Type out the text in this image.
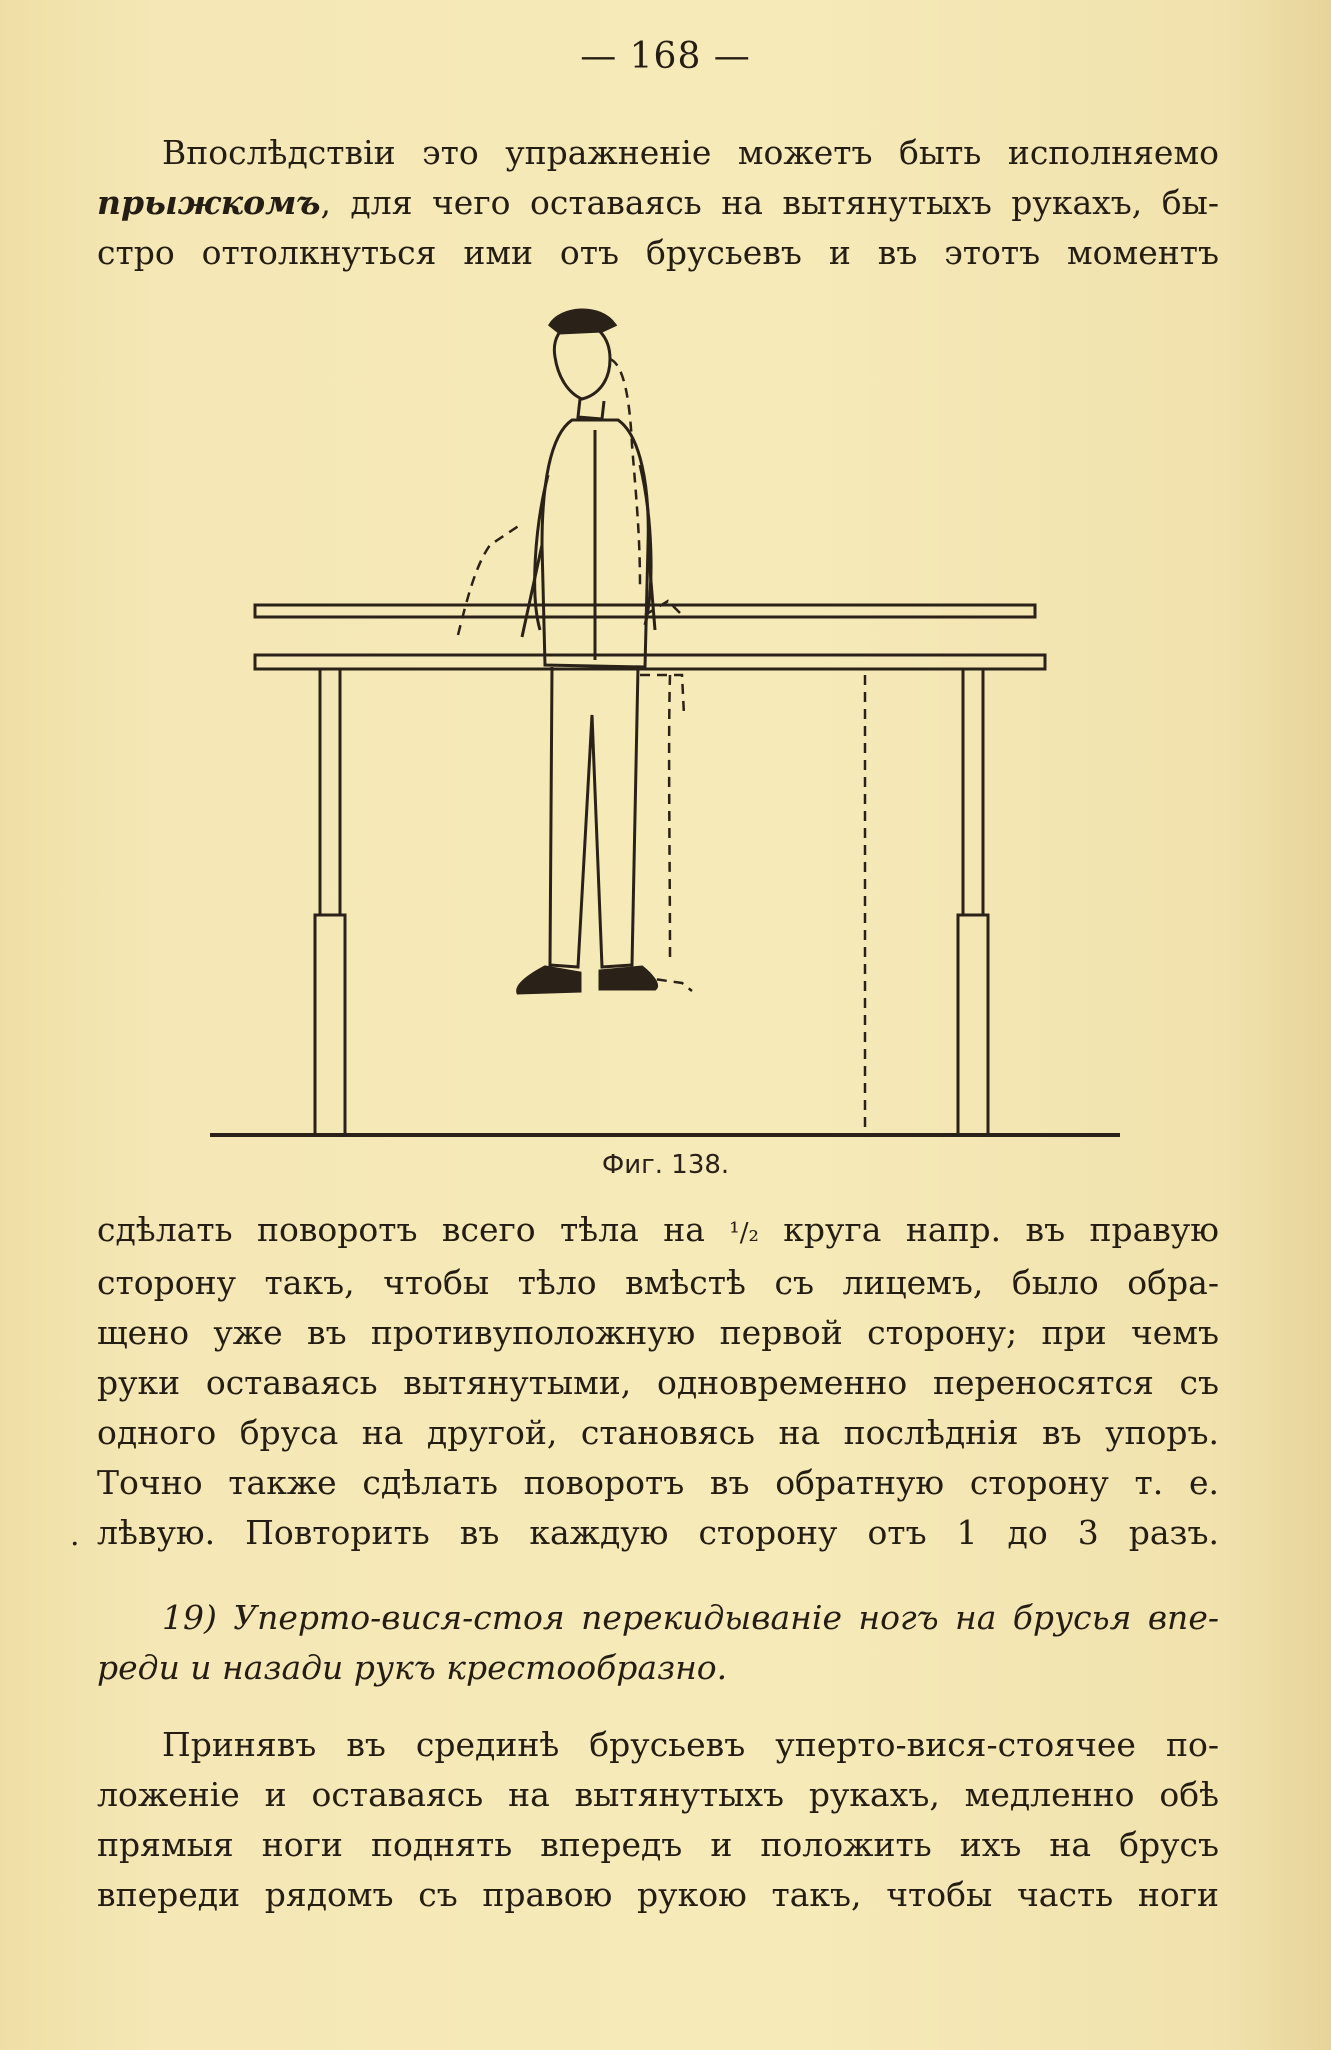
— 168 —
Впослѣдствіи это упражненіе можетъ быть исполняемо
прыжкомъ, для чего оставаясь на вытянутыхъ рукахъ, бы-
стро оттолкнуться ими отъ брусьевъ и въ этотъ моментъ
Фиг. 138.
сдѣлать поворотъ всего тѣла на ¹/₂ круга напр. въ правую
сторону такъ, чтобы тѣло вмѣстѣ съ лицемъ, было обра-
щено уже въ противуположную первой сторону; при чемъ
руки оставаясь вытянутыми, одновременно переносятся съ
одного бруса на другой, становясь на послѣднія въ упоръ.
Точно также сдѣлать поворотъ въ обратную сторону т. е.
лѣвую. Повторить въ каждую сторону отъ 1 до 3 разъ.
.
19) Уперто-вися-стоя перекидываніе ногъ на брусья впе-
реди и назади рукъ крестообразно.
Принявъ въ срединѣ брусьевъ уперто-вися-стоячее по-
ложеніе и оставаясь на вытянутыхъ рукахъ, медленно обѣ
прямыя ноги поднять впередъ и положить ихъ на брусъ
впереди рядомъ съ правою рукою такъ, чтобы часть ноги
